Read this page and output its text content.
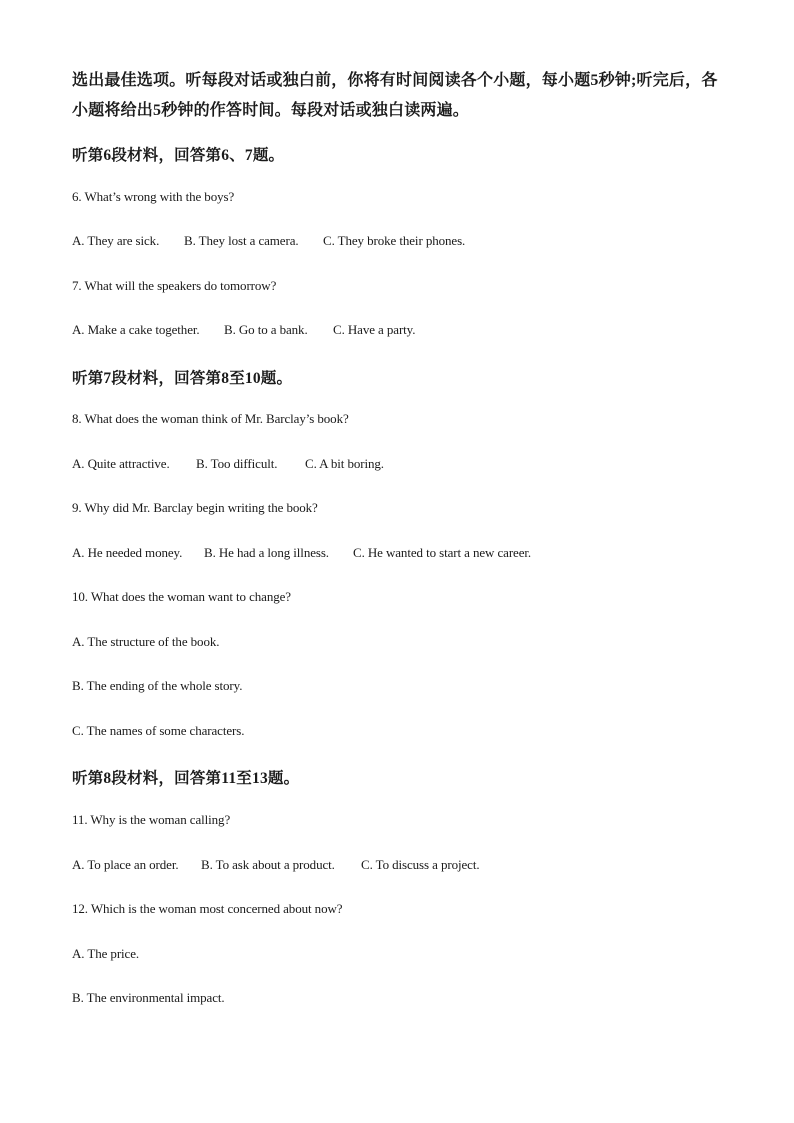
选出最佳选项。听每段对话或独白前，你将有时间阅读各个小题，每小题5秒钟;听完后，各小题将给出5秒钟的作答时间。每段对话或独白读两遍。
听第6段材料，回答第6、7题。
6. What’s wrong with the boys?
A. They are sick. B. They lost a camera. C. They broke their phones.
7. What will the speakers do tomorrow?
A. Make a cake together. B. Go to a bank. C. Have a party.
听第7段材料，回答第8至10题。
8. What does the woman think of Mr. Barclay’s book?
A. Quite attractive. B. Too difficult. C. A bit boring.
9. Why did Mr. Barclay begin writing the book?
A. He needed money. B. He had a long illness. C. He wanted to start a new career.
10. What does the woman want to change?
A. The structure of the book.
B. The ending of the whole story.
C. The names of some characters.
听第8段材料，回答第11至13题。
11. Why is the woman calling?
A. To place an order. B. To ask about a product. C. To discuss a project.
12. Which is the woman most concerned about now?
A. The price.
B. The environmental impact.
